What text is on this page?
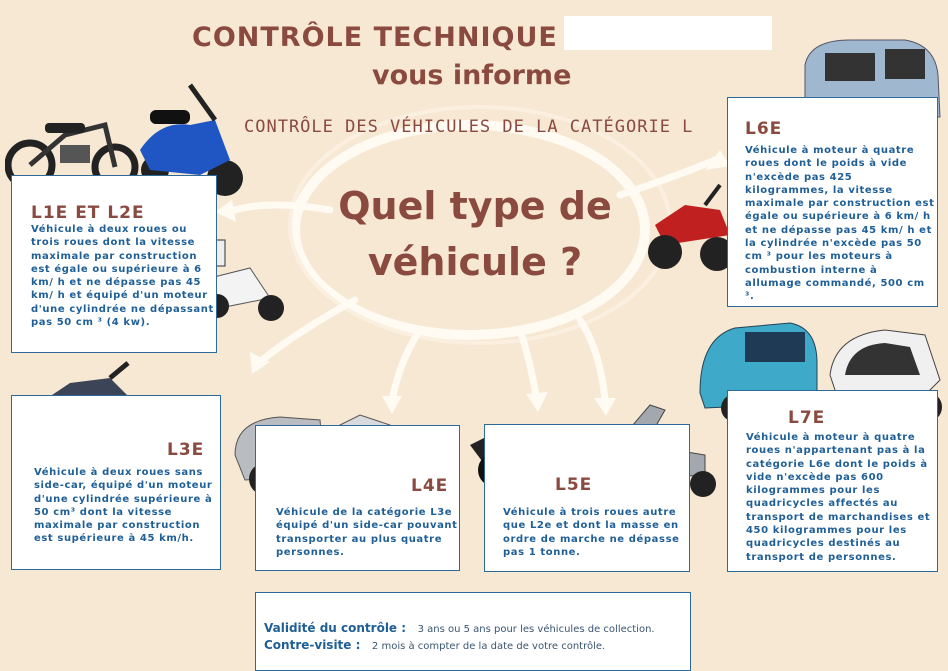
CONTRÔLE TECHNIQUE
vous informe
CONTRÔLE DES VÉHICULES DE LA CATÉGORIE L
Quel type de véhicule ?
L1E ET L2E

Véhicule à deux roues ou trois roues dont la vitesse maximale par construction est égale ou supérieure à 6 km/ h et ne dépasse pas 45 km/ h et équipé d'un moteur d'une cylindrée ne dépassant pas 50 cm ³ (4 kw).

L6E

Véhicule à moteur à quatre roues dont le poids à vide n'excède pas 425 kilogrammes, la vitesse maximale par construction est égale ou supérieure à 6 km/ h et ne dépasse pas 45 km/ h et la cylindrée n'excède pas 50 cm ³ pour les moteurs à combustion interne à allumage commandé, 500 cm ³.

L3E

Véhicule à deux roues sans side-car, équipé d'un moteur d'une cylindrée supérieure à 50 cm³ dont la vitesse maximale par construction est supérieure à 45 km/h.

L4E

Véhicule de la catégorie L3e équipé d'un side-car pouvant transporter au plus quatre personnes.

L5E

Véhicule à trois roues autre que L2e et dont la masse en ordre de marche ne dépasse pas 1 tonne.

L7E

Véhicule à moteur à quatre roues n'appartenant pas à la catégorie L6e dont le poids à vide n'excède pas 600 kilogrammes pour les quadricycles affectés au transport de marchandises et 450 kilogrammes pour les quadricycles destinés au transport de personnes.

Validité du contrôle : 3 ans ou 5 ans pour les véhicules de collection.
Contre-visite : 2 mois à compter de la date de votre contrôle.
